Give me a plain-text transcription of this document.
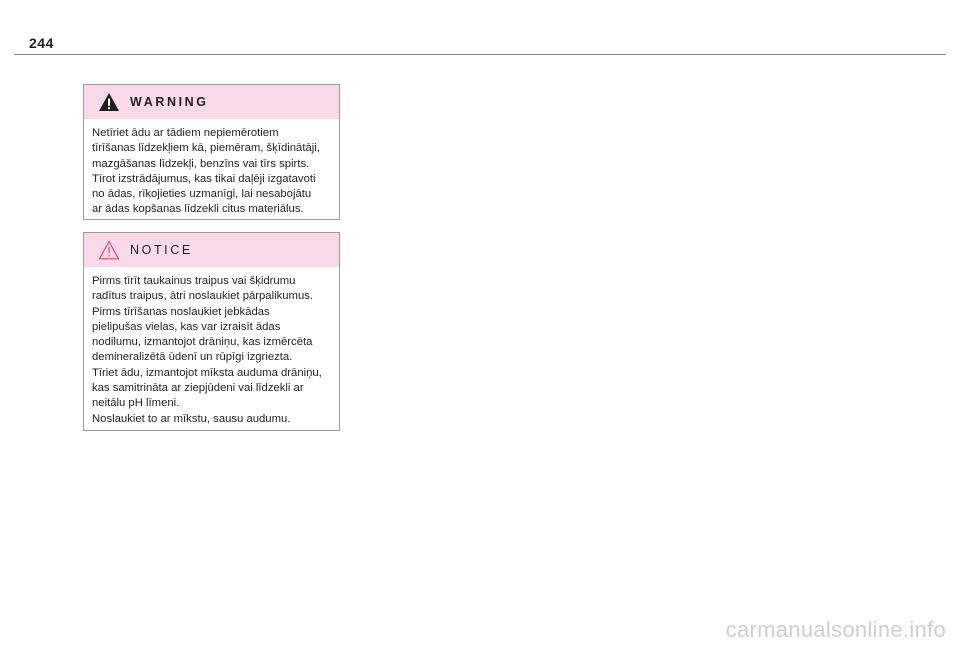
244
WARNING
Netīriet ādu ar tādiem nepiemērotiem
tīrīšanas līdzekļiem kā, piemēram, šķīdinātāji,
mazgāšanas līdzekļi, benzīns vai tīrs spirts.
Tīrot izstrādājumus, kas tikai daļēji izgatavoti
no ādas, rīkojieties uzmanīgi, lai nesabojātu
ar ādas kopšanas līdzekli citus materiālus.
NOTICE
Pirms tīrīt taukainus traipus vai šķidrumu
radītus traipus, ātri noslaukiet pārpalikumus.
Pirms tīrīšanas noslaukiet jebkādas
pielipušas vielas, kas var izraisīt ādas
nodilumu, izmantojot drāniņu, kas izmērcēta
demineralizētā ūdenī un rūpīgi izgriezta.
Tīriet ādu, izmantojot mīksta auduma drāniņu,
kas samitrināta ar ziepjūdeni vai līdzekli ar
neitālu pH līmeni.
Noslaukiet to ar mīkstu, sausu audumu.
carmanualsonline.info
